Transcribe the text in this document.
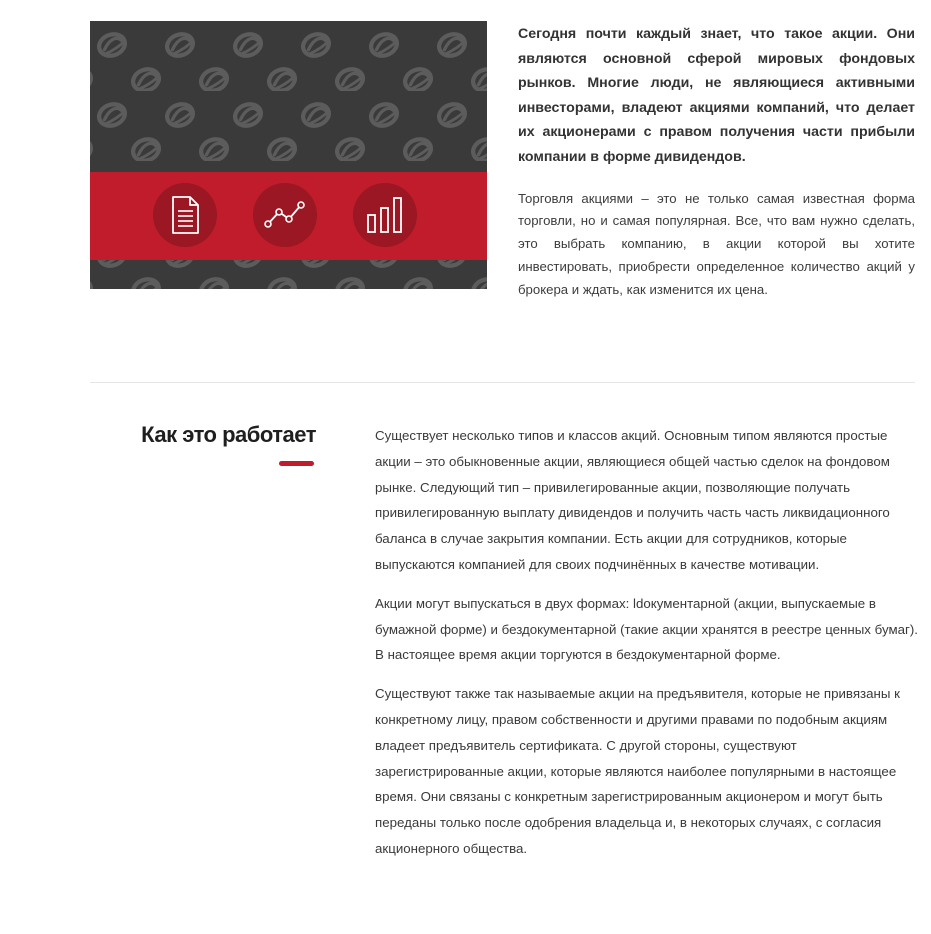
Сегодня почти каждый знает, что такое акции. Они являются основной сферой мировых фондовых рынков. Многие люди, не являющиеся активными инвесторами, владеют акциями компаний, что делает их акционерами с правом получения части прибыли компании в форме дивидендов.

Торговля акциями – это не только самая известная форма торговли, но и самая популярная. Все, что вам нужно сделать, это выбрать компанию, в акции которой вы хотите инвестировать, приобрести определенное количество акций у брокера и ждать, как изменится их цена.

Как это работает	Существует несколько типов и классов акций. Основным типом являются простые акции – это обыкновенные акции, являющиеся общей частью сделок на фондовом рынке. Следующий тип – привилегированные акции, позволяющие получать привилегированную выплату дивидендов и получить часть часть ликвидационного баланса в случае закрытия компании. Есть акции для сотрудников, которые выпускаются компанией для своих подчинённых в качестве мотивации.

Акции могут выпускаться в двух формах: ldокументарной (акции, выпускаемые в бумажной форме) и бездокументарной (такие акции хранятся в реестре ценных бумаг). В настоящее время акции торгуются в бездокументарной форме.

Существуют также так называемые акции на предъявителя, которые не привязаны к конкретному лицу, правом собственности и другими правами по подобным акциям владеет предъявитель сертификата. С другой стороны, существуют зарегистрированные акции, которые являются наиболее популярными в настоящее время. Они связаны с конкретным зарегистрированным акционером и могут быть переданы только после одобрения владельца и, в некоторых случаях, с согласия акционерного общества.
